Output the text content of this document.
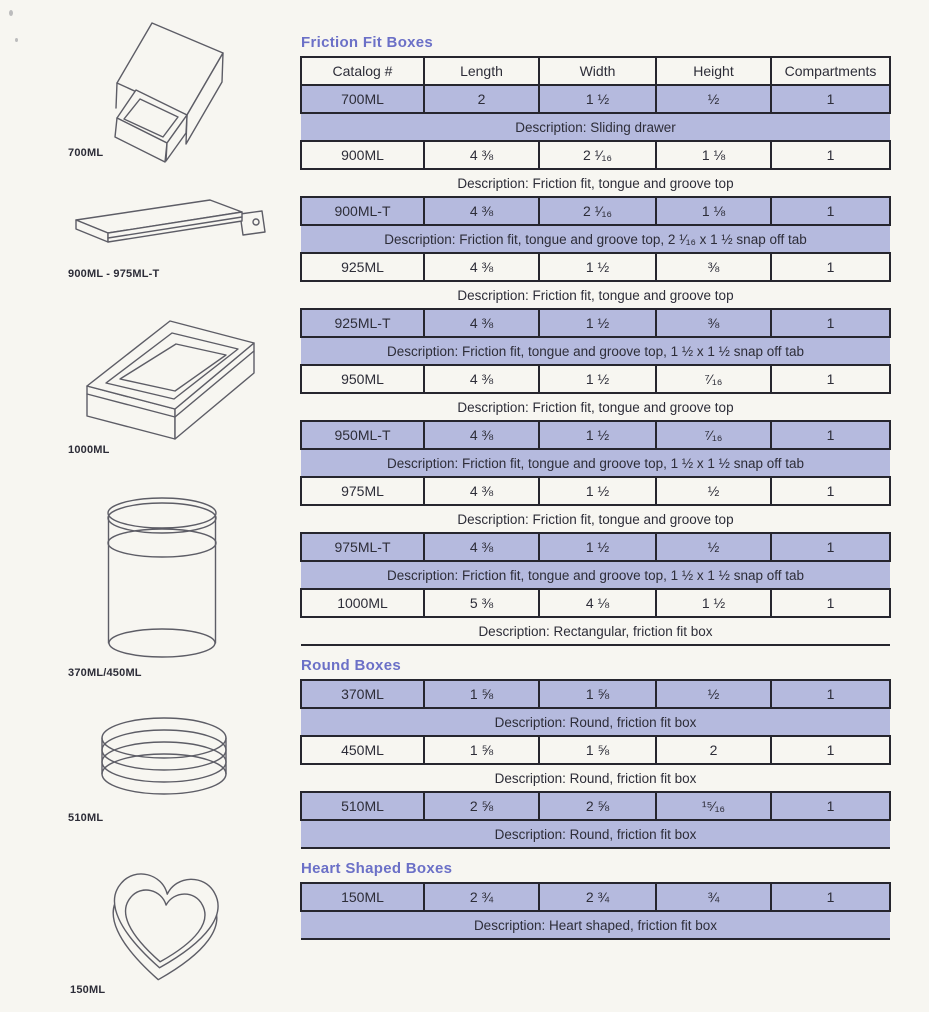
700ML
900ML - 975ML-T
1000ML
370ML/450ML
510ML
150ML
Friction Fit Boxes
Catalog #	Length	Width	Height	Compartments
700ML	2	1 ½	½	1
Description: Sliding drawer				
900ML	4 ⅜	2 ¹⁄₁₆	1 ⅛	1
Description: Friction fit, tongue and groove top				
900ML-T	4 ⅜	2 ¹⁄₁₆	1 ⅛	1
Description: Friction fit, tongue and groove top, 2 ¹⁄₁₆ x 1 ½ snap off tab				
925ML	4 ⅜	1 ½	⅜	1
Description: Friction fit, tongue and groove top				
925ML-T	4 ⅜	1 ½	⅜	1
Description: Friction fit, tongue and groove top, 1 ½ x 1 ½ snap off tab				
950ML	4 ⅜	1 ½	⁷⁄₁₆	1
Description: Friction fit, tongue and groove top				
950ML-T	4 ⅜	1 ½	⁷⁄₁₆	1
Description: Friction fit, tongue and groove top, 1 ½ x 1 ½ snap off tab				
975ML	4 ⅜	1 ½	½	1
Description: Friction fit, tongue and groove top				
975ML-T	4 ⅜	1 ½	½	1
Description: Friction fit, tongue and groove top, 1 ½ x 1 ½ snap off tab				
1000ML	5 ⅜	4 ⅛	1 ½	1
Description: Rectangular, friction fit box				
Round Boxes
370ML	1 ⅝	1 ⅝	½	1
Description: Round, friction fit box				
450ML	1 ⅝	1 ⅝	2	1
Description: Round, friction fit box				
510ML	2 ⅝	2 ⅝	¹⁵⁄₁₆	1
Description: Round, friction fit box				
Heart Shaped Boxes
150ML	2 ¾	2 ¾	¾	1
Description: Heart shaped, friction fit box
